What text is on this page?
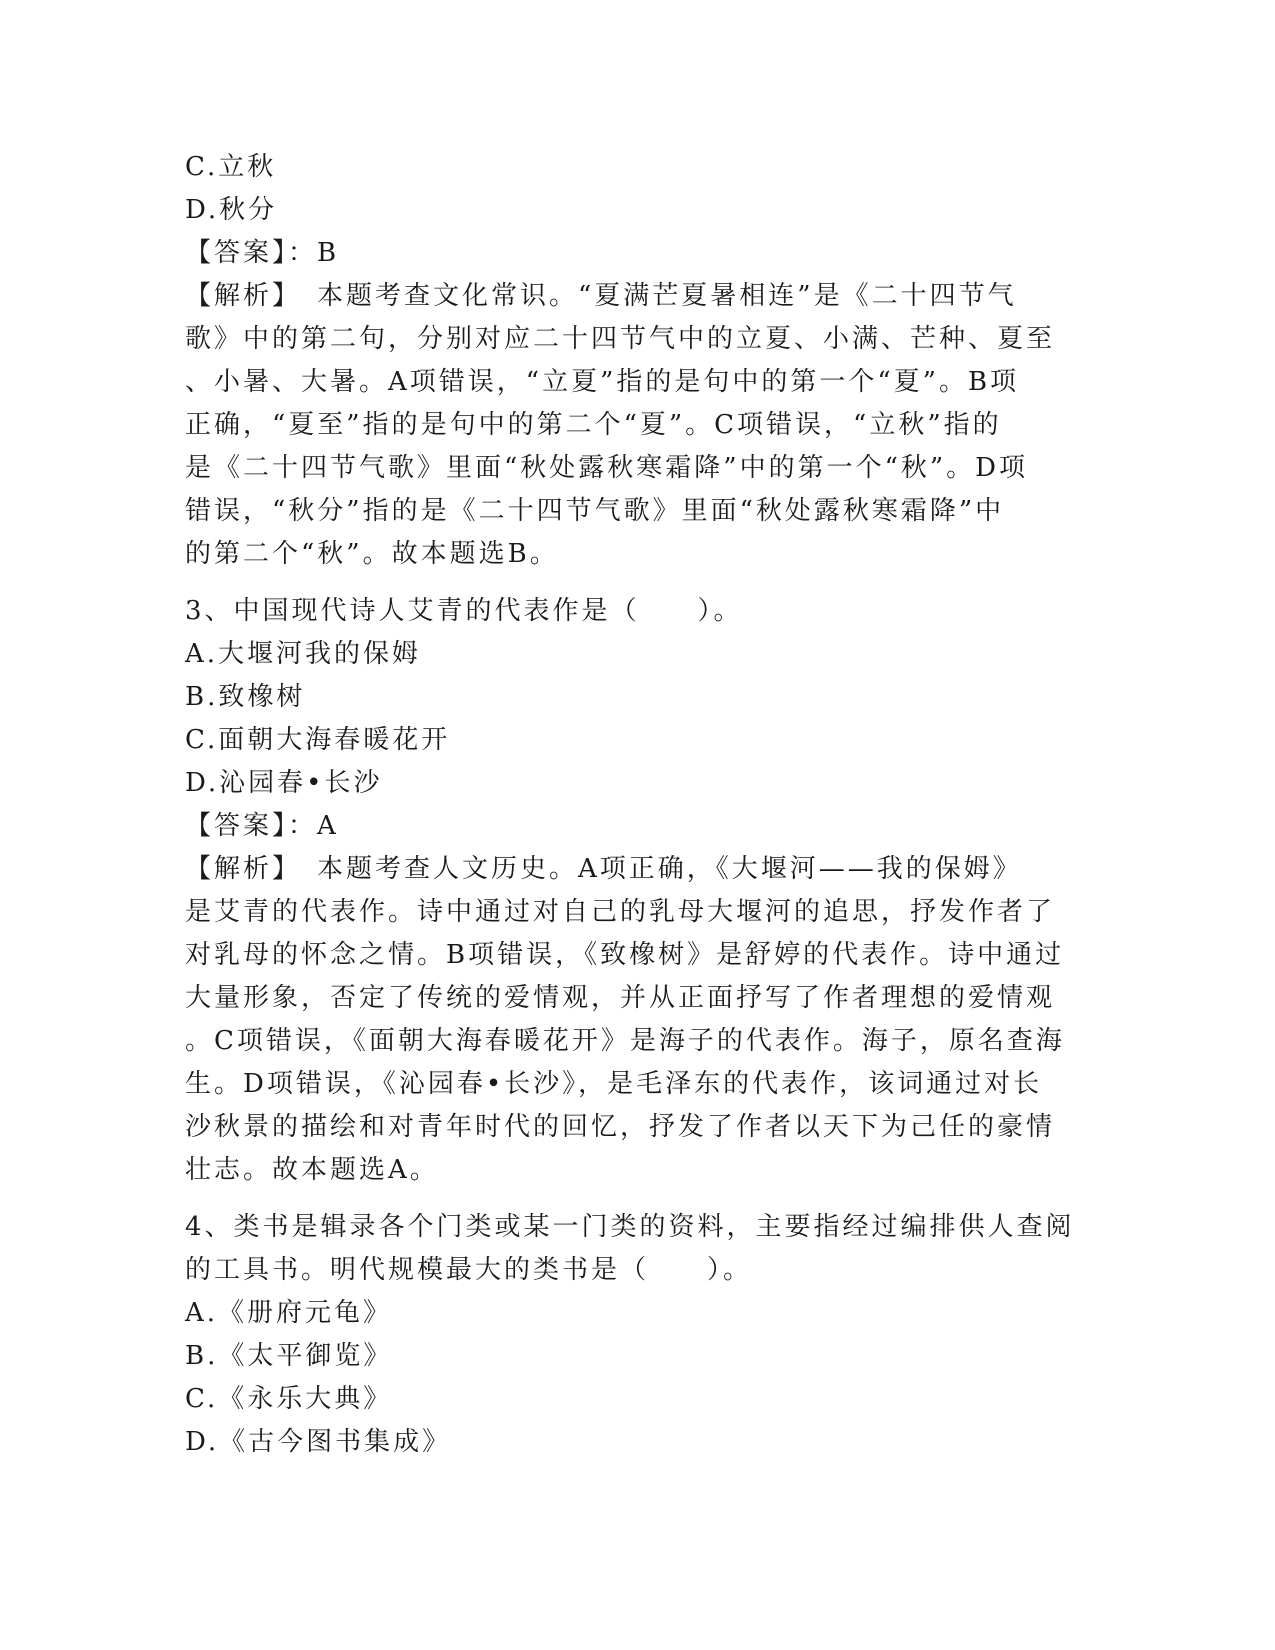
C.立秋
D.秋分
【答案】：B
【解析】　本题考查文化常识。“夏满芒夏暑相连”是《二十四节气
歌》中的第二句，分别对应二十四节气中的立夏、小满、芒种、夏至
、小暑、大暑。A项错误，“立夏”指的是句中的第一个“夏”。B项
正确，“夏至”指的是句中的第二个“夏”。C项错误，“立秋”指的
是《二十四节气歌》里面“秋处露秋寒霜降”中的第一个“秋”。D项
错误，“秋分”指的是《二十四节气歌》里面“秋处露秋寒霜降”中
的第二个“秋”。故本题选B。
3、中国现代诗人艾青的代表作是（　　）。
A.大堰河我的保姆
B.致橡树
C.面朝大海春暖花开
D.沁园春•长沙
【答案】：A
【解析】　本题考查人文历史。A项正确，《大堰河——我的保姆》
是艾青的代表作。诗中通过对自己的乳母大堰河的追思，抒发作者了
对乳母的怀念之情。B项错误，《致橡树》是舒婷的代表作。诗中通过
大量形象，否定了传统的爱情观，并从正面抒写了作者理想的爱情观
。C项错误，《面朝大海春暖花开》是海子的代表作。海子，原名查海
生。D项错误，《沁园春•长沙》，是毛泽东的代表作，该词通过对长
沙秋景的描绘和对青年时代的回忆，抒发了作者以天下为己任的豪情
壮志。故本题选A。
4、类书是辑录各个门类或某一门类的资料，主要指经过编排供人查阅
的工具书。明代规模最大的类书是（　　）。
A.《册府元龟》
B.《太平御览》
C.《永乐大典》
D.《古今图书集成》
